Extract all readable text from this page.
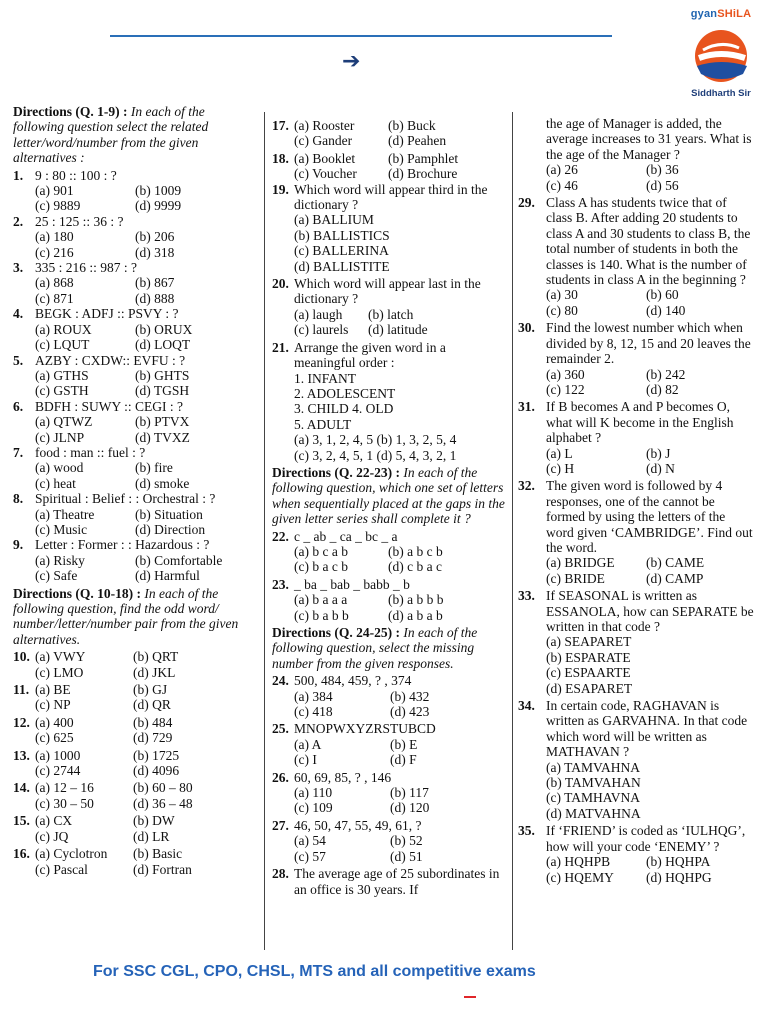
➔
gyanSHiLA
Siddharth Sir
Directions (Q. 1-9) : In each of the following question select the related letter/word/number from the given alternatives :
1. 9 : 80 :: 100 : ?
(a) 901	(b) 1009
(c) 9889	(d) 9999
2. 25 : 125 :: 36 : ?
(a) 180	(b) 206
(c) 216	(d) 318
3. 335 : 216 :: 987 : ?
(a) 868	(b) 867
(c) 871	(d) 888
4. BEGK : ADFJ :: PSVY : ?
(a) ROUX	(b) ORUX
(c) LQUT	(d) LOQT
5. AZBY : CXDW:: EVFU : ?
(a) GTHS	(b) GHTS
(c) GSTH	(d) TGSH
6. BDFH : SUWY :: CEGI : ?
(a) QTWZ	(b) PTVX
(c) JLNP	(d) TVXZ
7. food : man :: fuel : ?
(a) wood	(b) fire
(c) heat	(d) smoke
8. Spiritual : Belief : : Orchestral : ?
(a) Theatre	(b) Situation
(c) Music	(d) Direction
9. Letter : Former : : Hazardous : ?
(a) Risky	(b) Comfortable
(c) Safe	(d) Harmful
Directions (Q. 10-18) : In each of the following question, find the odd word/ number/letter/number pair from the given alternatives.
10. (a) VWY	(b) QRT
(c) LMO	(d) JKL
11. (a) BE	(b) GJ
(c) NP	(d) QR
12. (a) 400	(b) 484
(c) 625	(d) 729
13. (a) 1000	(b) 1725
(c) 2744	(d) 4096
14. (a) 12 – 16	(b) 60 – 80
(c) 30 – 50	(d) 36 – 48
15. (a) CX	(b) DW
(c) JQ	(d) LR
16. (a) Cyclotron	(b) Basic
(c) Pascal	(d) Fortran
17. (a) Rooster	(b) Buck
(c) Gander	(d) Peahen
18. (a) Booklet	(b) Pamphlet
(c) Voucher	(d) Brochure
19. Which word will appear third in the dictionary ?
(a) BALLIUM
(b) BALLISTICS
(c) BALLERINA
(d) BALLISTITE
20. Which word will appear last in the dictionary ?
(a) laugh	(b) latch
(c) laurels	(d) latitude
21. Arrange the given word in a meaningful order :
1. INFANT
2. ADOLESCENT
3. CHILD 4. OLD
5. ADULT
(a) 3, 1, 2, 4, 5 (b) 1, 3, 2, 5, 4
(c) 3, 2, 4, 5, 1 (d) 5, 4, 3, 2, 1
Directions (Q. 22-23) : In each of the following question, which one set of letters when sequentially placed at the gaps in the given letter series shall complete it ?
22. c _ ab _ ca _ bc _ a
(a) b c a b	(b) a b c b
(c) b a c b	(d) c b a c
23. _ ba _ bab _ babb _ b
(a) b a a a	(b) a b b b
(c) b a b b	(d) a b a b
Directions (Q. 24-25) : In each of the following question, select the missing number from the given responses.
24. 500, 484, 459, ? , 374
(a) 384	(b) 432
(c) 418	(d) 423
25. MNOPWXYZRSTUBCD
(a) A	(b) E
(c) I	(d) F
26. 60, 69, 85, ? , 146
(a) 110	(b) 117
(c) 109	(d) 120
27. 46, 50, 47, 55, 49, 61, ?
(a) 54	(b) 52
(c) 57	(d) 51
28. The average age of 25 subordinates in an office is 30 years. If
the age of Manager is added, the average increases to 31 years. What is the age of the Manager ?
(a) 26	(b) 36
(c) 46	(d) 56
29. Class A has students twice that of class B. After adding 20 students to class A and 30 students to class B, the total number of students in both the classes is 140. What is the number of students in class A in the beginning ?
(a) 30	(b) 60
(c) 80	(d) 140
30. Find the lowest number which when divided by 8, 12, 15 and 20 leaves the remainder 2.
(a) 360	(b) 242
(c) 122	(d) 82
31. If B becomes A and P becomes O, what will K become in the English alphabet ?
(a) L	(b) J
(c) H	(d) N
32. The given word is followed by 4 responses, one of the cannot be formed by using the letters of the word given ‘CAMBRIDGE’. Find out the word.
(a) BRIDGE	(b) CAME
(c) BRIDE	(d) CAMP
33. If SEASONAL is written as ESSANOLA, how can SEPARATE be written in that code ?
(a) SEAPARET
(b) ESPARATE
(c) ESPAARTE
(d) ESAPARET
34. In certain code, RAGHAVAN is written as GARVAHNA. In that code which word will be written as MATHAVAN ?
(a) TAMVAHNA
(b) TAMVAHAN
(c) TAMHAVNA
(d) MATVAHNA
35. If ‘FRIEND’ is coded as ‘IULHQG’, how will your code ‘ENEMY’ ?
(a) HQHPB	(b) HQHPA
(c) HQEMY	(d) HQHPG
For SSC CGL, CPO, CHSL, MTS and all competitive exams
